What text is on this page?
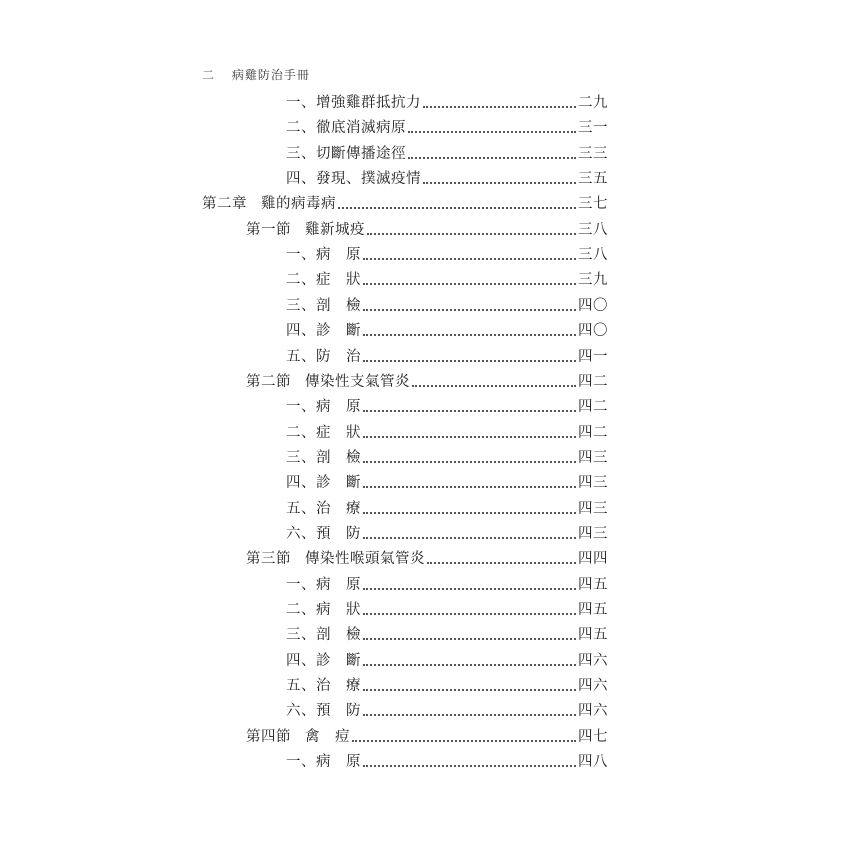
二 病雞防治手冊
一、增強雞群抵抗力	二九
二、徹底消滅病原	三一
三、切斷傳播途徑	三三
四、發現、撲滅疫情	三五
第二章 雞的病毒病	三七
第一節 雞新城疫	三八
一、病　原	三八
二、症　狀	三九
三、剖　檢	四〇
四、診　斷	四〇
五、防　治	四一
第二節 傳染性支氣管炎	四二
一、病　原	四二
二、症　狀	四二
三、剖　檢	四三
四、診　斷	四三
五、治　療	四三
六、預　防	四三
第三節 傳染性喉頭氣管炎	四四
一、病　原	四五
二、病　狀	四五
三、剖　檢	四五
四、診　斷	四六
五、治　療	四六
六、預　防	四六
第四節 禽　痘	四七
一、病　原	四八
